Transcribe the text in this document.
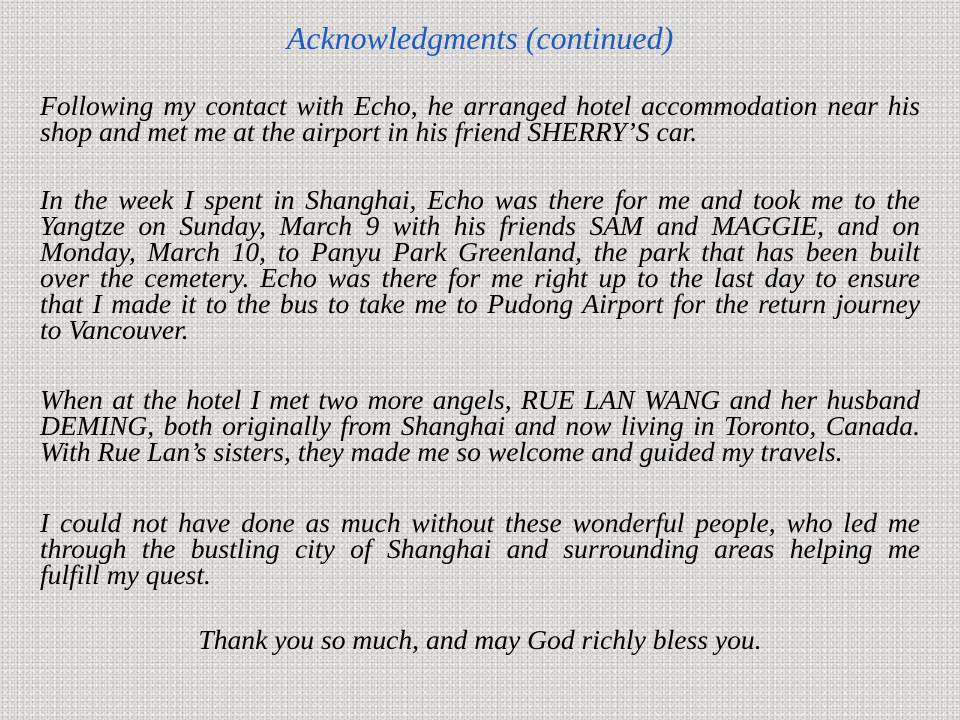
Acknowledgments (continued)
Following my contact with Echo, he arranged hotel accommodation near his
shop and met me at the airport in his friend SHERRY’S car.
In the week I spent in Shanghai, Echo was there for me and took me to the
Yangtze on Sunday, March 9 with his friends SAM and MAGGIE, and on
Monday, March 10, to Panyu Park Greenland, the park that has been built
over the cemetery. Echo was there for me right up to the last day to ensure
that I made it to the bus to take me to Pudong Airport for the return journey
to Vancouver.
When at the hotel I met two more angels, RUE LAN WANG and her husband
DEMING, both originally from Shanghai and now living in Toronto, Canada.
With Rue Lan’s sisters, they made me so welcome and guided my travels.
I could not have done as much without these wonderful people, who led me
through the bustling city of Shanghai and surrounding areas helping me
fulfill my quest.
Thank you so much, and may God richly bless you.
